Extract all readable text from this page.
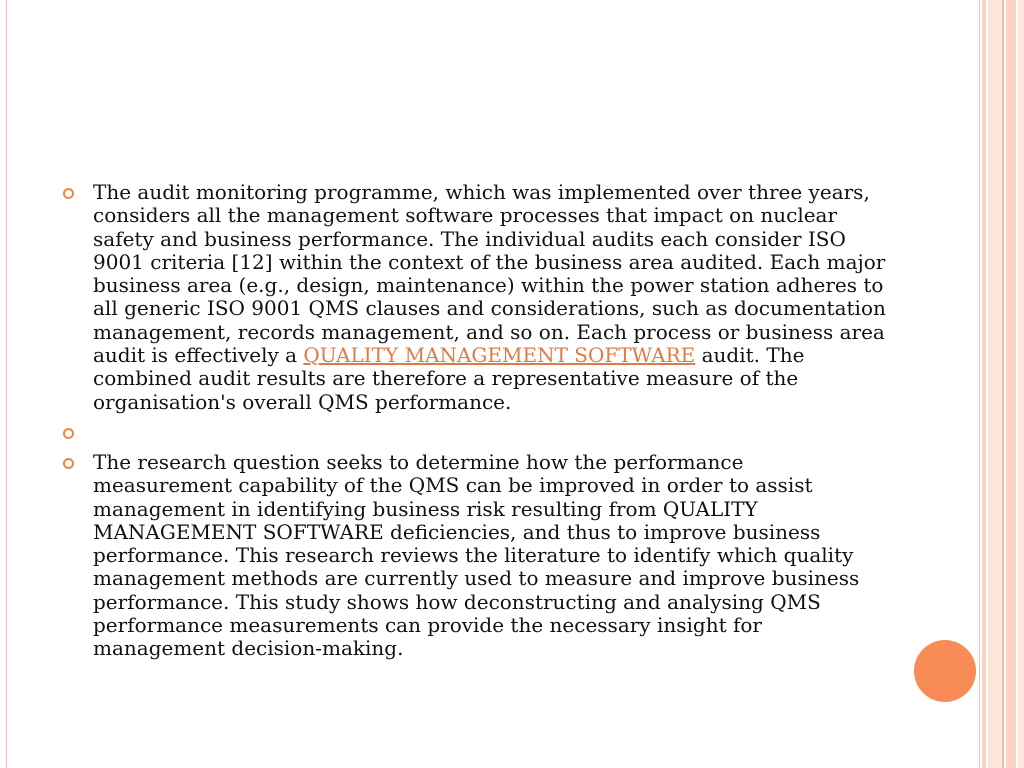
The audit monitoring programme, which was implemented over three years, considers all the management software processes that impact on nuclear safety and business performance. The individual audits each consider ISO 9001 criteria [12] within the context of the business area audited. Each major business area (e.g., design, maintenance) within the power station adheres to all generic ISO 9001 QMS clauses and considerations, such as documentation management, records management, and so on. Each process or business area audit is effectively a QUALITY MANAGEMENT SOFTWARE audit. The combined audit results are therefore a representative measure of the organisation's overall QMS performance.

The research question seeks to determine how the performance measurement capability of the QMS can be improved in order to assist management in identifying business risk resulting from QUALITY MANAGEMENT SOFTWARE deficiencies, and thus to improve business performance. This research reviews the literature to identify which quality management methods are currently used to measure and improve business performance. This study shows how deconstructing and analysing QMS performance measurements can provide the necessary insight for management decision-making.
